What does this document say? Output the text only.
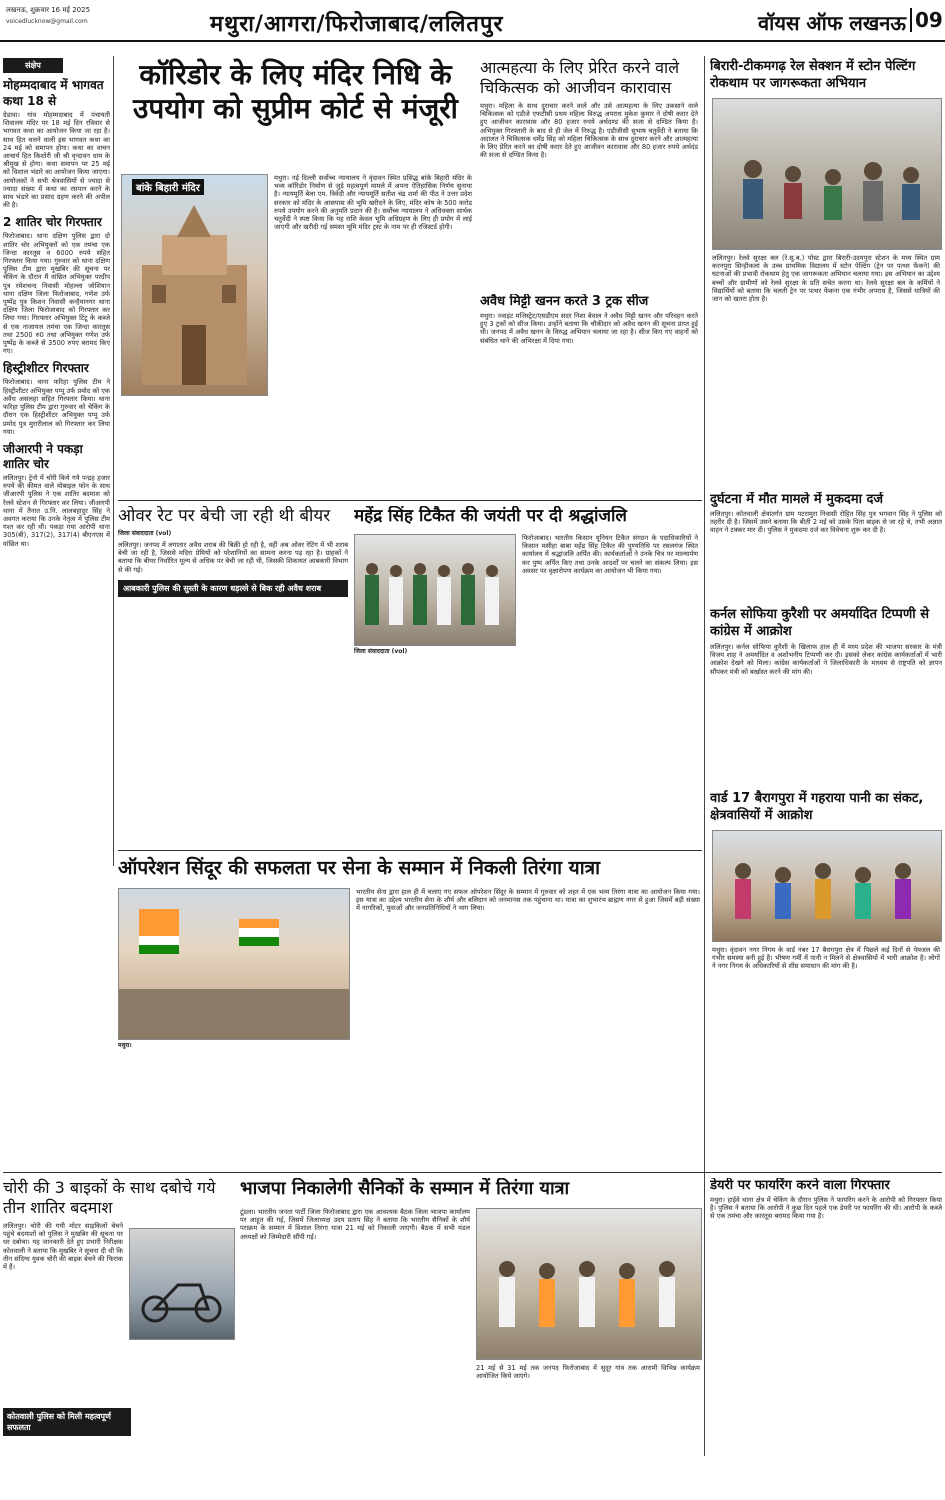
लखनऊ, शुक्रवार 16 मई 2025
voicedlucknow@gmail.com	मथुरा/आगरा/फिरोजाबाद/ललितपुर	वॉयस ऑफ लखनऊ 09
संक्षेप
मोहम्मदाबाद में भागवत कथा 18 से
ग्रेडावा। गांव मोहम्मदाबाद में पंचायती शिवालय मंदिर पर 18 मई दिन रविवार से भागवत कथा का आयोजन किया जा रहा है। साथ हित चलने वाली इस भागवत कथा का 24 मई को समापन होगा। कथा का वाचन आचार्य हित किशोरी जी श्री वृन्दावन धाम के श्रीमुख से होगा। कथा समापन पर 25 मई को विशाल भंडारे का आयोजन किया जाएगा। आयोजकों ने सभी श्रेत्रवासियों से ज्यादा से ज्यादा संख्या में कथा का रसपान करने के साथ भंडारे का प्रसाद ग्रहण करने की अपील की है।
2 शातिर चोर गिरफ्तार
फिरोजाबाद। थाना दक्षिण पुलिस द्वारा दो शातिर चोर अभियुक्तों को एक तमंचा एक जिन्दा कारतूस व 6000 रुपये सहित गिरफ्तार किया गया। गुरुवार को थाना दक्षिण पुलिस टीम द्वारा मुखबिर की सूचना पर चेकिंग के दौरान मैं वांछित अभियुक्त परदीप पुत्र रमेशचन्द निवासी मोहल्ला जोशियान थाना दक्षिण जिला फिरोजाबाद, गणेश उर्फ पुष्पेंद्र पुत्र किशन निवासी कन्हैयानगर थाना दक्षिण जिला फिरोजाबाद को गिरफ्तार कर लिया गया। गिरफ्तार अभियुक्त टिंटू के कब्जे से एक नाजायज तमंचा एक जिन्दा कारतूस तथा 2500 रु0 तथा अभियुक्त गणेश उर्फ पुष्पेंद्र के कब्जे से 3500 रुपए बरामद किए गए।
हिस्ट्रीशीटर गिरफ्तार
फिरोजाबाद। थाना फरिहा पुलिस टीम ने हिस्ट्रीशीटर अभियुक्त पप्पू उर्फ प्रमोद को एक अवैध असलहा सहित गिरफ्तार किया। थाना फरिहा पुलिस टीम द्वारा गुरुवार को चेकिंग के दौरान एक हिस्ट्रीशीटर अभियुक्त पप्पू उर्फ प्रमोद पुत्र मुरारीलाल को गिरफ्तार कर लिया गया।
जीआरपी ने पकड़ा शातिर चोर
ललितपुर। ट्रेनो में चोरी किये गये पन्द्रह हजार रुपये की कीमत वाले मोबाइल फोन के साथ जीआरपी पुलिस ने एक शातिर बदमाश को रेलवे स्टेशन से गिरफ्तार कर लिया। जीआरपी थाना में तैनात उ.नि. लालबहादुर सिंह ने अवगत कराया कि उनके नेतृत्व में पुलिस टीम गश्त कर रही थी। पकड़ा गया आरोपी थाना 305(बी), 317(2), 317(4) बीएनएस में वांछित था।
कॉरिडोर के लिए मंदिर निधि के उपयोग को सुप्रीम कोर्ट से मंजूरी
बांके बिहारी मंदिर
मथुरा। नई दिल्ली सर्वोच्च न्यायालय ने वृंदावन स्थित प्रसिद्ध बांके बिहारी मंदिर के भव्य कॉरिडोर निर्माण से जुड़े महत्वपूर्ण मामले में अपना ऐतिहासिक निर्णय सुनाया है। न्यायमूर्ति बेला एम. त्रिवेदी और न्यायमूर्ति सतीश चंद्र शर्मा की पीठ ने उत्तर प्रदेश सरकार को मंदिर के आसपास की भूमि खरीदने के लिए, मंदिर कोष के 500 करोड़ रुपये उपयोग करने की अनुमति प्रदान की है। सर्वोच्च न्यायालय ने अधिवक्ता सार्थक चतुर्वेदी ने स्पष्ट किया कि यह राशि केवल भूमि अधिग्रहण के लिए ही प्रयोग में लाई जाएगी और खरीदी गई समस्त भूमि मंदिर ट्रस्ट के नाम पर ही रजिस्टर्ड होगी।
आत्महत्या के लिए प्रेरित करने वाले चिकित्सक को आजीवन कारावास
मथुरा। महिला के साथ दुराचार करने वाले और उसे आत्महत्या के लिए उकसाने वाले चिकित्सक को एडीजे एफटीसी प्रथम महिला विरुद्ध अपराध मुकेश कुमार ने दोषी करार देते हुए आजीवन कारावास और 80 हजार रुपये अर्थदण्ड की सजा से दण्डित किया है। अभियुक्त गिरफ्तारी के बाद से ही जेल में निरुद्ध है। एडीजीसी सुभाष चतुर्वेदी ने बताया कि अदालत ने चिकित्सक धर्मेंद्र सिंह को महिला चिकित्सक के साथ दुराचार करने और आत्महत्या के लिए प्रेरित करने का दोषी करार देते हुए आजीवन कारावास और 80 हजार रुपये अर्थदंड की सजा से दण्डित किया है।
अवैध मिट्टी खनन करते 3 ट्रक सीज
मथुरा। ज्वाइंट मजिस्ट्रेट/एसडीएम सदर निशा बेवाल ने अवैध मिट्टी खनन और परिवहन करते हुए 3 ट्रकों को सीज किया। उन्होंने बताया कि चौकीदार को अवैध खनन की सूचना प्राप्त हुई थी। जनपद में अवैध खनन के विरुद्ध अभियान चलाया जा रहा है। सीज किए गए वाहनों को संबंधित थाने की अभिरक्षा में दिया गया।
बिरारी-टीकमगढ़ रेल सेक्शन में स्टोन पेल्टिंग रोकथाम पर जागरूकता अभियान
ललितपुर। रेलवे सुरक्षा बल (रे.सु.ब.) पोस्ट द्वारा बिरारी-उदयपुरा स्टेशन के मध्य स्थित ग्राम करनपुरा सिन्हीकलां के उच्च प्राथमिक विद्यालय में स्टोन पेल्टिंग (ट्रेन पर पत्थर फेंकने) की घटनाओं की प्रभावी रोकथाम हेतु एक जागरूकता अभियान चलाया गया। इस अभियान का उद्देश्य बच्चों और ग्रामीणों को रेलवे सुरक्षा के प्रति सचेत करना था। रेलवे सुरक्षा बल के कर्मियों ने विद्यार्थियों को बताया कि चलती ट्रेन पर पत्थर फेंकना एक गंभीर अपराध है, जिससे यात्रियों की जान को खतरा होता है।
दुर्घटना में मौत मामले में मुकदमा दर्ज
ललितपुर। कोतवाली क्षेत्रांतर्गत ग्राम पटरामुरा निवासी रोहित सिंह पुत्र भगवान सिंह ने पुलिस को तहरीर दी है। जिसमें उसने बताया कि बीती 2 मई को उसके पिता बाइक से जा रहे थे, तभी अज्ञात वाहन ने टक्कर मार दी। पुलिस ने मुकदमा दर्ज कर विवेचना शुरू कर दी है।
कर्नल सोफिया कुरैशी पर अमर्यादित टिप्पणी से कांग्रेस में आक्रोश
ललितपुर। कर्नल सोफिया कुरैशी के खिलाफ हाल ही में मध्य प्रदेश की भाजपा सरकार के मंत्री विजय शाह ने अमर्यादित व अशोभनीय टिप्पणी कर दी। इसको लेकर कांग्रेस कार्यकर्ताओं में भारी आक्रोश देखने को मिला। कांग्रेस कार्यकर्ताओं ने जिलाधिकारी के माध्यम से राष्ट्रपति को ज्ञापन सौंपकर मंत्री को बर्खास्त करने की मांग की।
ओवर रेट पर बेची जा रही थी बीयर
जिला संवाददाता (vol)
ललितपुर। जनपद में लगातार अवैध शराब की बिक्री हो रही है, वहीं अब ओवर रेटिंग में भी शराब बेची जा रही है, जिससे मदिरा प्रेमियों को परेशानियों का सामना करना पड़ रहा है। ग्राहकों ने बताया कि बीयर निर्धारित मूल्य से अधिक पर बेची जा रही थी, जिसकी शिकायत आबकारी विभाग से की गई।
आबकारी पुलिस की सुस्ती के कारण धड़ल्ले से बिक रही अवैध शराब
महेंद्र सिंह टिकैत की जयंती पर दी श्रद्धांजलि
जिला संवाददाता (vol)
फिरोजाबाद। भारतीय किसान यूनियन टिकैत संगठन के पदाधिकारियों ने किसान मसीहा बाबा महेंद्र सिंह टिकैत की पुण्यतिथि पर रसलगंज स्थित कार्यालय में श्रद्धांजलि अर्पित की। कार्यकर्ताओं ने उनके चित्र पर माल्यार्पण कर पुष्प अर्पित किए तथा उनके आदर्शों पर चलने का संकल्प लिया। इस अवसर पर वृक्षारोपण कार्यक्रम का आयोजन भी किया गया।
ऑपरेशन सिंदूर की सफलता पर सेना के सम्मान में निकली तिरंगा यात्रा
मथुरा।
भारतीय सेना द्वारा हाल ही में चलाए गए सफल ऑपरेशन सिंदूर के सम्मान में गुरुवार को शहर में एक भव्य तिरंगा यात्रा का आयोजन किया गया। इस यात्रा का उद्देश्य भारतीय सेना के शौर्य और बलिदान को जनमानस तक पहुंचाना था। यात्रा का शुभारंभ ब्राह्मण नगर से हुआ जिसमें बड़ी संख्या में नागरिकों, युवाओं और जनप्रतिनिधियों ने भाग लिया।
वार्ड 17 बैरागपुरा में गहराया पानी का संकट, क्षेत्रवासियों में आक्रोश
मथुरा। वृंदावन नगर निगम के वार्ड नंबर 17 बैरागपुरा क्षेत्र में पिछले कई दिनों से पेयजल की गंभीर समस्या बनी हुई है। भीषण गर्मी में पानी न मिलने से क्षेत्रवासियों में भारी आक्रोश है। लोगों ने नगर निगम के अधिकारियों से शीघ्र समाधान की मांग की है।
चोरी की 3 बाइकों के साथ दबोचे गये तीन शातिर बदमाश
ललितपुर। चोरी की गयी मोटर साइकिलों बेचने पहुंचे बदमाशों को पुलिस ने मुखबिर की सूचना पर धर दबोचा। यह जानकारी देते हुए प्रभारी निरीक्षक कोतवाली ने बताया कि मुखबिर ने सूचना दी थी कि तीन संदिग्ध युवक चोरी की बाइक बेचने की फिराक में हैं।
कोतवाली पुलिस को मिली महत्वपूर्ण सफलता
भाजपा निकालेगी सैनिकों के सम्मान में तिरंगा यात्रा
टूंडला। भारतीय जनता पार्टी जिला फिरोजाबाद द्वारा एक आवश्यक बैठक जिला भाजपा कार्यालय पर आहूत की गई, जिसमें जिलाध्यक्ष उदय प्रताप सिंह ने बताया कि भारतीय सैनिकों के शौर्य पराक्रम के सम्मान में विशाल तिरंगा यात्रा 21 मई को निकाली जाएगी। बैठक में सभी मंडल अध्यक्षों को जिम्मेदारी सौंपी गई।
21 मई से 31 मई तक जनपद फिरोजाबाद में सुदूर गांव तक आरामी विभिन्न कार्यक्रम आयोजित किये जाएंगे।
डेयरी पर फायरिंग करने वाला गिरफ्तार
मथुरा। हाईवे थाना क्षेत्र में चेकिंग के दौरान पुलिस ने फायरिंग करने के आरोपी को गिरफ्तार किया है। पुलिस ने बताया कि आरोपी ने कुछ दिन पहले एक डेयरी पर फायरिंग की थी। आरोपी के कब्जे से एक तमंचा और कारतूस बरामद किया गया है।
